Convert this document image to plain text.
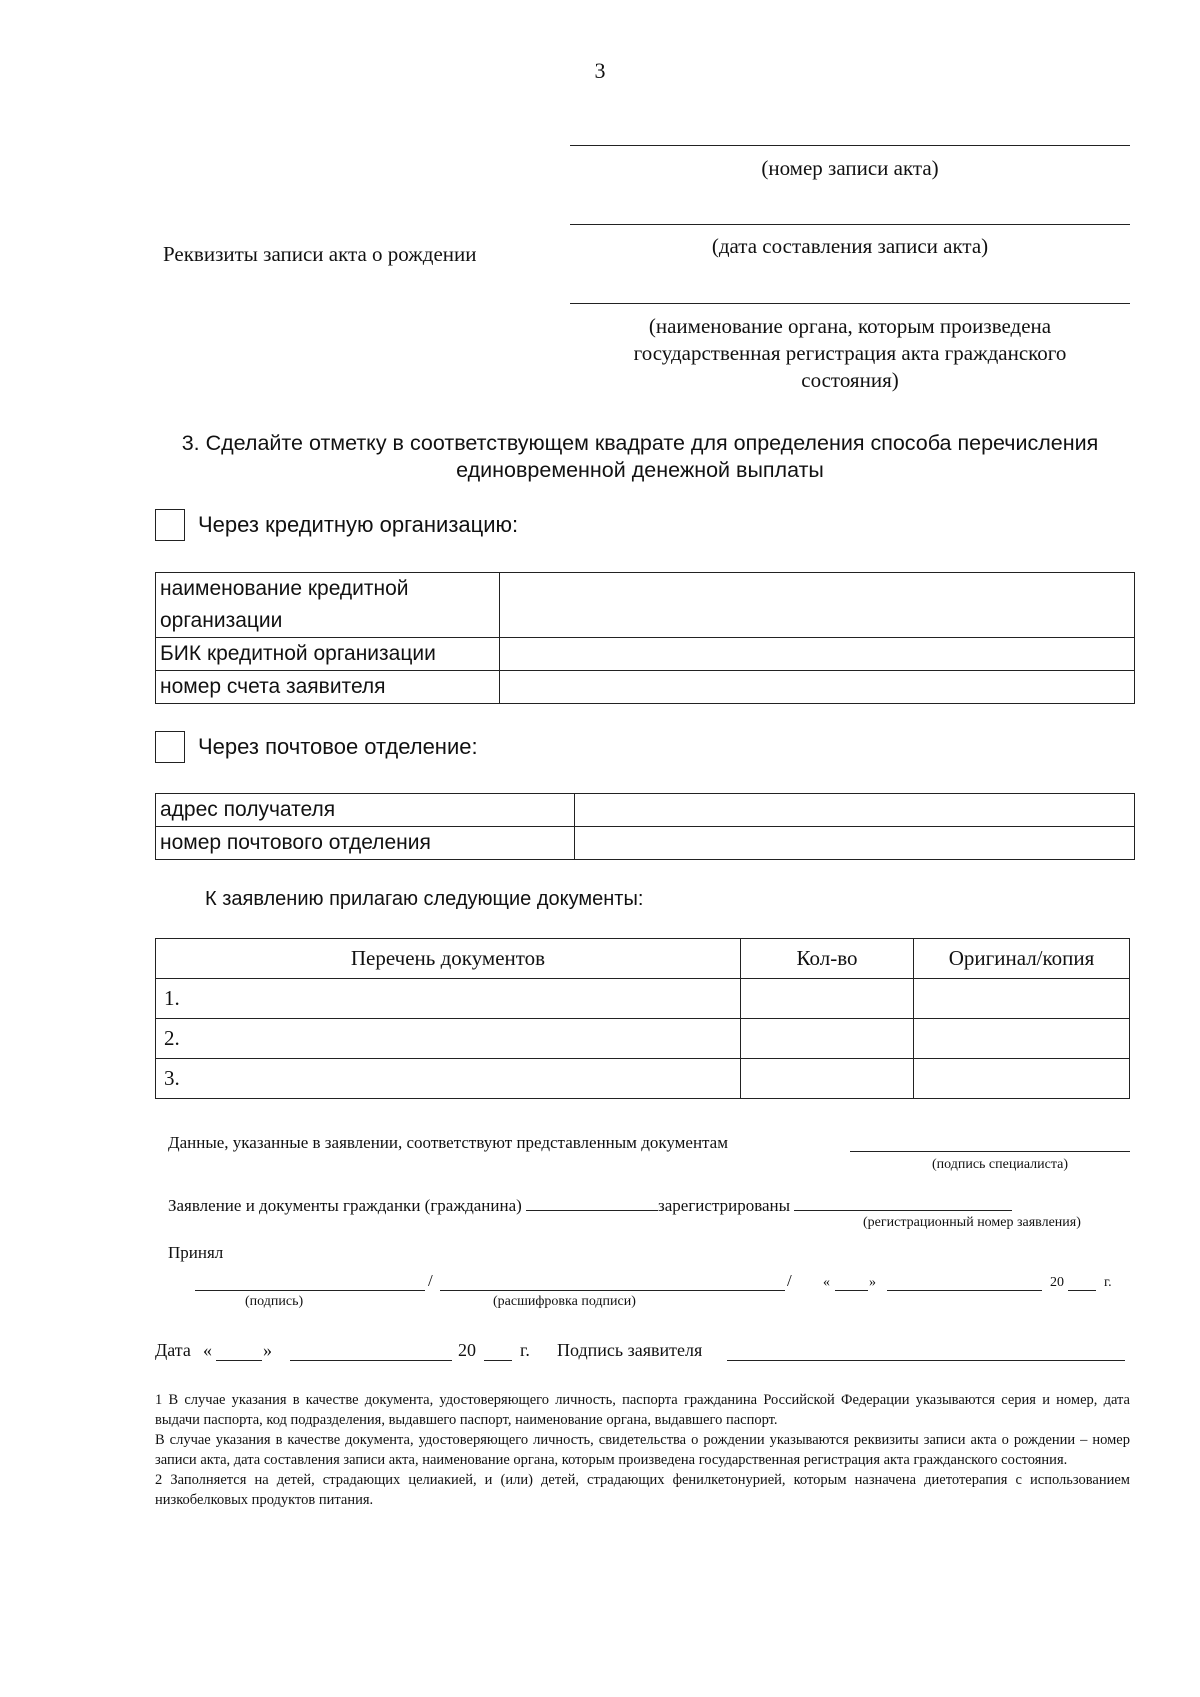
3
(номер записи акта)
(дата составления записи акта)
Реквизиты записи акта о рождении
(наименование органа, которым произведена государственная регистрация акта гражданского состояния)
3. Сделайте отметку в соответствующем квадрате для определения способа перечисления единовременной денежной выплаты
Через кредитную организацию:
наименование кредитной организации	
БИК кредитной организации	
номер счета заявителя	
Через почтовое отделение:
адрес получателя	
номер почтового отделения	
К заявлению прилагаю следующие документы:
Перечень документов	Кол-во	Оригинал/копия
1.		
2.		
3.		
Данные, указанные в заявлении, соответствуют представленным документам
(подпись специалиста)
Заявление и документы гражданки (гражданина)	зарегистрированы
(регистрационный номер заявления)
Принял
/	/ «	»	20	г.
(подпись)	(расшифровка подписи)
Дата «	»	20 г. Подпись заявителя

1 В случае указания в качестве документа, удостоверяющего личность, паспорта гражданина Российской Федерации указываются серия и номер, дата выдачи паспорта, код подразделения, выдавшего паспорт, наименование органа, выдавшего паспорт.

В случае указания в качестве документа, удостоверяющего личность, свидетельства о рождении указываются реквизиты записи акта о рождении – номер записи акта, дата составления записи акта, наименование органа, которым произведена государственная регистрация акта гражданского состояния.

2 Заполняется на детей, страдающих целиакией, и (или) детей, страдающих фенилкетонурией, которым назначена диетотерапия с использованием низкобелковых продуктов питания.
